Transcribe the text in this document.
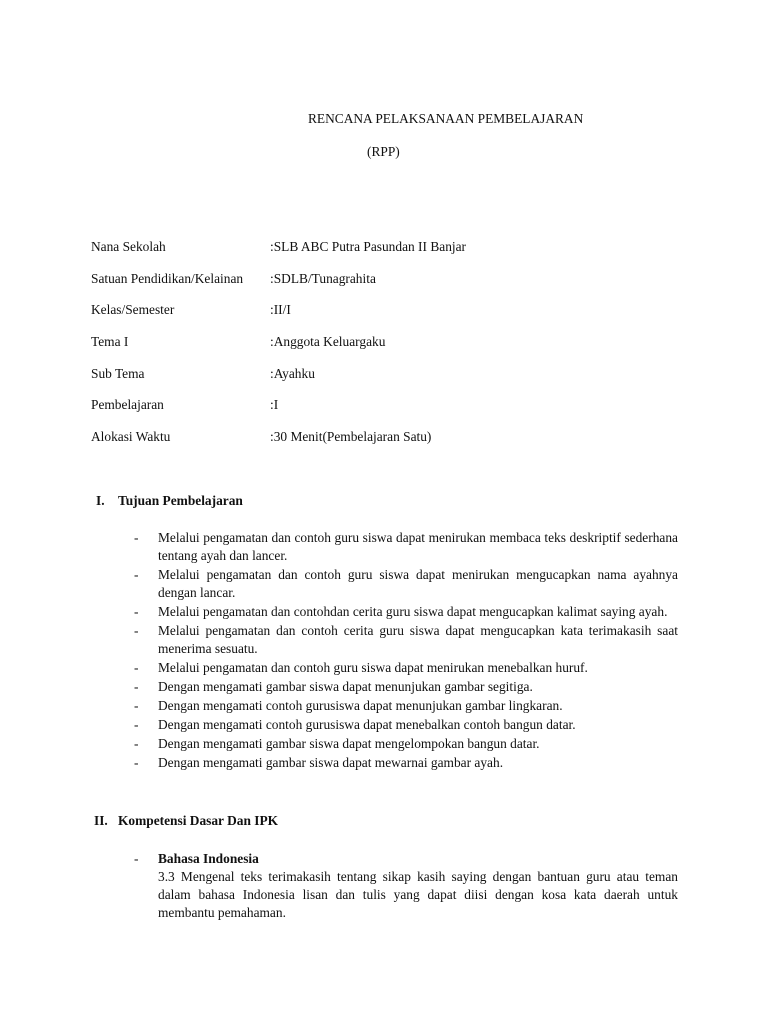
RENCANA PELAKSANAAN PEMBELAJARAN
(RPP)
Nana Sekolah	:SLB ABC Putra Pasundan II Banjar
Satuan Pendidikan/Kelainan :SDLB/Tunagrahita
Kelas/Semester	:II/I
Tema I	:Anggota Keluargaku
Sub Tema	:Ayahku
Pembelajaran	:I
Alokasi Waktu	:30 Menit(Pembelajaran Satu)
I. Tujuan Pembelajaran
- Melalui pengamatan dan contoh guru siswa dapat menirukan membaca teks deskriptif sederhana tentang ayah dan lancer.
- Melalui pengamatan dan contoh guru siswa dapat menirukan mengucapkan nama ayahnya dengan lancar.
- Melalui pengamatan dan contohdan cerita guru siswa dapat mengucapkan kalimat saying ayah.
- Melalui pengamatan dan contoh cerita guru siswa dapat mengucapkan kata terimakasih saat menerima sesuatu.
- Melalui pengamatan dan contoh guru siswa dapat menirukan menebalkan huruf.
- Dengan mengamati gambar siswa dapat menunjukan gambar segitiga.
- Dengan mengamati contoh gurusiswa dapat menunjukan gambar lingkaran.
- Dengan mengamati contoh gurusiswa dapat menebalkan contoh bangun datar.
- Dengan mengamati gambar siswa dapat mengelompokan bangun datar.
- Dengan mengamati gambar siswa dapat mewarnai gambar ayah.
II. Kompetensi Dasar Dan IPK
- Bahasa Indonesia
3.3 Mengenal teks terimakasih tentang sikap kasih saying dengan bantuan guru atau teman dalam bahasa Indonesia lisan dan tulis yang dapat diisi dengan kosa kata daerah untuk membantu pemahaman.
